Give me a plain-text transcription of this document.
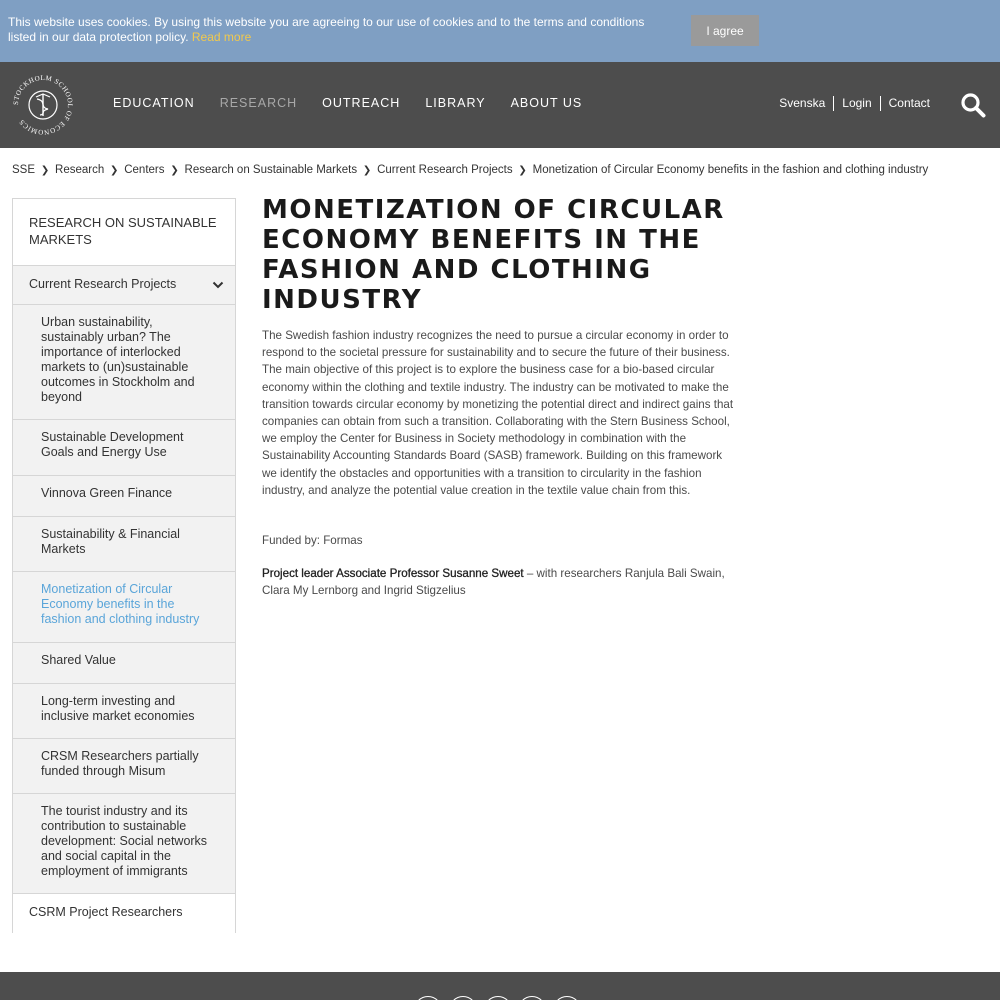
This website uses cookies. By using this website you are agreeing to our use of cookies and to the terms and conditions listed in our data protection policy. Read more	I agree
STOCKHOLM SCHOOL OF ECONOMICS
EDUCATION RESEARCH OUTREACH LIBRARY ABOUT US	Svenska	Login	Contact
SSE ❯ Research ❯ Centers ❯ Research on Sustainable Markets ❯ Current Research Projects ❯ Monetization of Circular Economy benefits in the fashion and clothing industry
RESEARCH ON SUSTAINABLE MARKETS
Current Research Projects
Urban sustainability, sustainably urban? The importance of interlocked markets to (un)sustainable outcomes in Stockholm and beyond
Sustainable Development Goals and Energy Use
Vinnova Green Finance
Sustainability & Financial Markets
Monetization of Circular Economy benefits in the fashion and clothing industry
Shared Value
Long-term investing and inclusive market economies
CRSM Researchers partially funded through Misum
The tourist industry and its contribution to sustainable development: Social networks and social capital in the employment of immigrants
CSRM Project Researchers
MONETIZATION OF CIRCULAR ECONOMY BENEFITS IN THE FASHION AND CLOTHING INDUSTRY

The Swedish fashion industry recognizes the need to pursue a circular economy in order to respond to the societal pressure for sustainability and to secure the future of their business. The main objective of this project is to explore the business case for a bio-based circular economy within the clothing and textile industry. The industry can be motivated to make the transition towards circular economy by monetizing the potential direct and indirect gains that companies can obtain from such a transition. Collaborating with the Stern Business School, we employ the Center for Business in Society methodology in combination with the Sustainability Accounting Standards Board (SASB) framework. Building on this framework we identify the obstacles and opportunities with a transition to circularity in the fashion industry, and analyze the potential value creation in the textile value chain from this.

Funded by: Formas

Project leader Associate Professor Susanne Sweet – with researchers Ranjula Bali Swain, Clara My Lernborg and Ingrid Stigzelius
